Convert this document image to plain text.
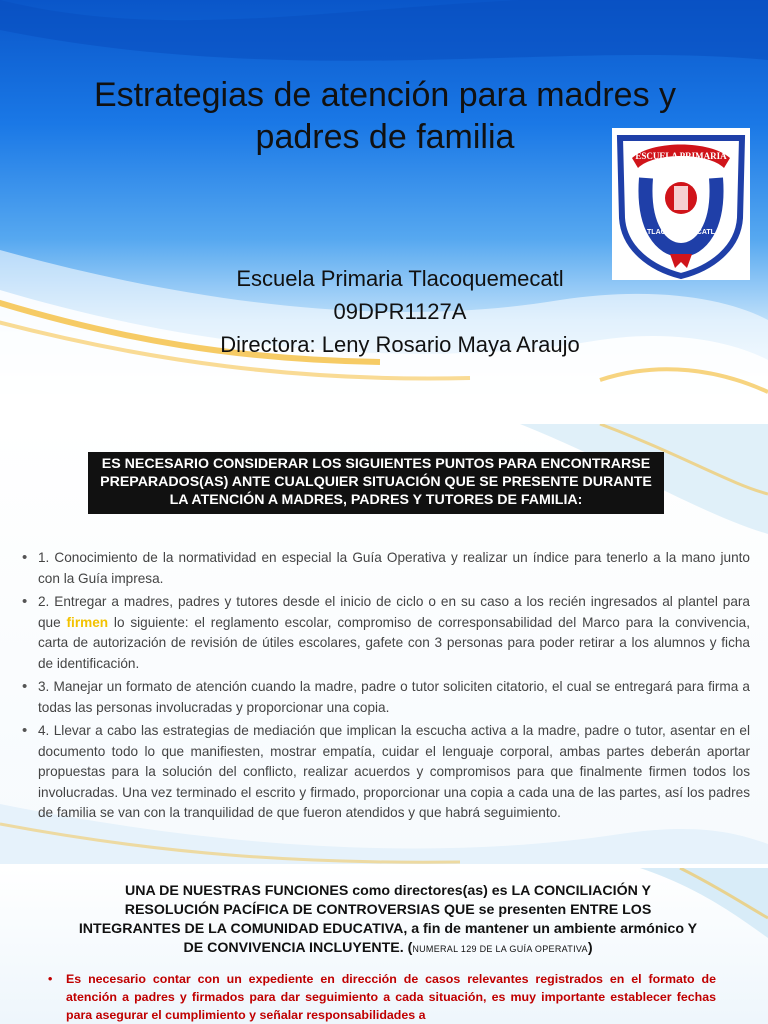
Estrategias de atención para madres y padres de familia
Escuela Primaria Tlacoquemecatl
09DPR1127A
Directora: Leny Rosario Maya Araujo
ESCUELA PRIMARIA
TLACOQUEMECATL
ES NECESARIO CONSIDERAR LOS SIGUIENTES PUNTOS PARA ENCONTRARSE PREPARADOS(AS) ANTE CUALQUIER SITUACIÓN QUE SE PRESENTE DURANTE LA ATENCIÓN A MADRES, PADRES Y TUTORES DE FAMILIA:
• 1. Conocimiento de la normatividad en especial la Guía Operativa y realizar un índice para tenerlo a la mano junto con la Guía impresa.
• 2. Entregar a madres, padres y tutores desde el inicio de ciclo o en su caso a los recién ingresados al plantel para que firmen lo siguiente: el reglamento escolar, compromiso de corresponsabilidad del Marco para la convivencia, carta de autorización de revisión de útiles escolares, gafete con 3 personas para poder retirar a los alumnos y ficha de identificación.
• 3. Manejar un formato de atención cuando la madre, padre o tutor soliciten citatorio, el cual se entregará para firma a todas las personas involucradas y proporcionar una copia.
• 4. Llevar a cabo las estrategias de mediación que implican la escucha activa a la madre, padre o tutor, asentar en el documento todo lo que manifiesten, mostrar empatía, cuidar el lenguaje corporal, ambas partes deberán aportar propuestas para la solución del conflicto, realizar acuerdos y compromisos para que finalmente firmen todos los involucradas. Una vez terminado el escrito y firmado, proporcionar una copia a cada una de las partes, así los padres de familia se van con la tranquilidad de que fueron atendidos y que habrá seguimiento.
UNA DE NUESTRAS FUNCIONES como directores(as) es LA CONCILIACIÓN Y RESOLUCIÓN PACÍFICA DE CONTROVERSIAS QUE se presenten ENTRE LOS INTEGRANTES DE LA COMUNIDAD EDUCATIVA, a fin de mantener un ambiente armónico Y DE CONVIVENCIA INCLUYENTE. (NUMERAL 129 DE LA GUÍA OPERATIVA)
• Es necesario contar con un expediente en dirección de casos relevantes registrados en el formato de atención a padres y firmados para dar seguimiento a cada situación, es muy importante establecer fechas para asegurar el cumplimiento y señalar responsabilidades a
